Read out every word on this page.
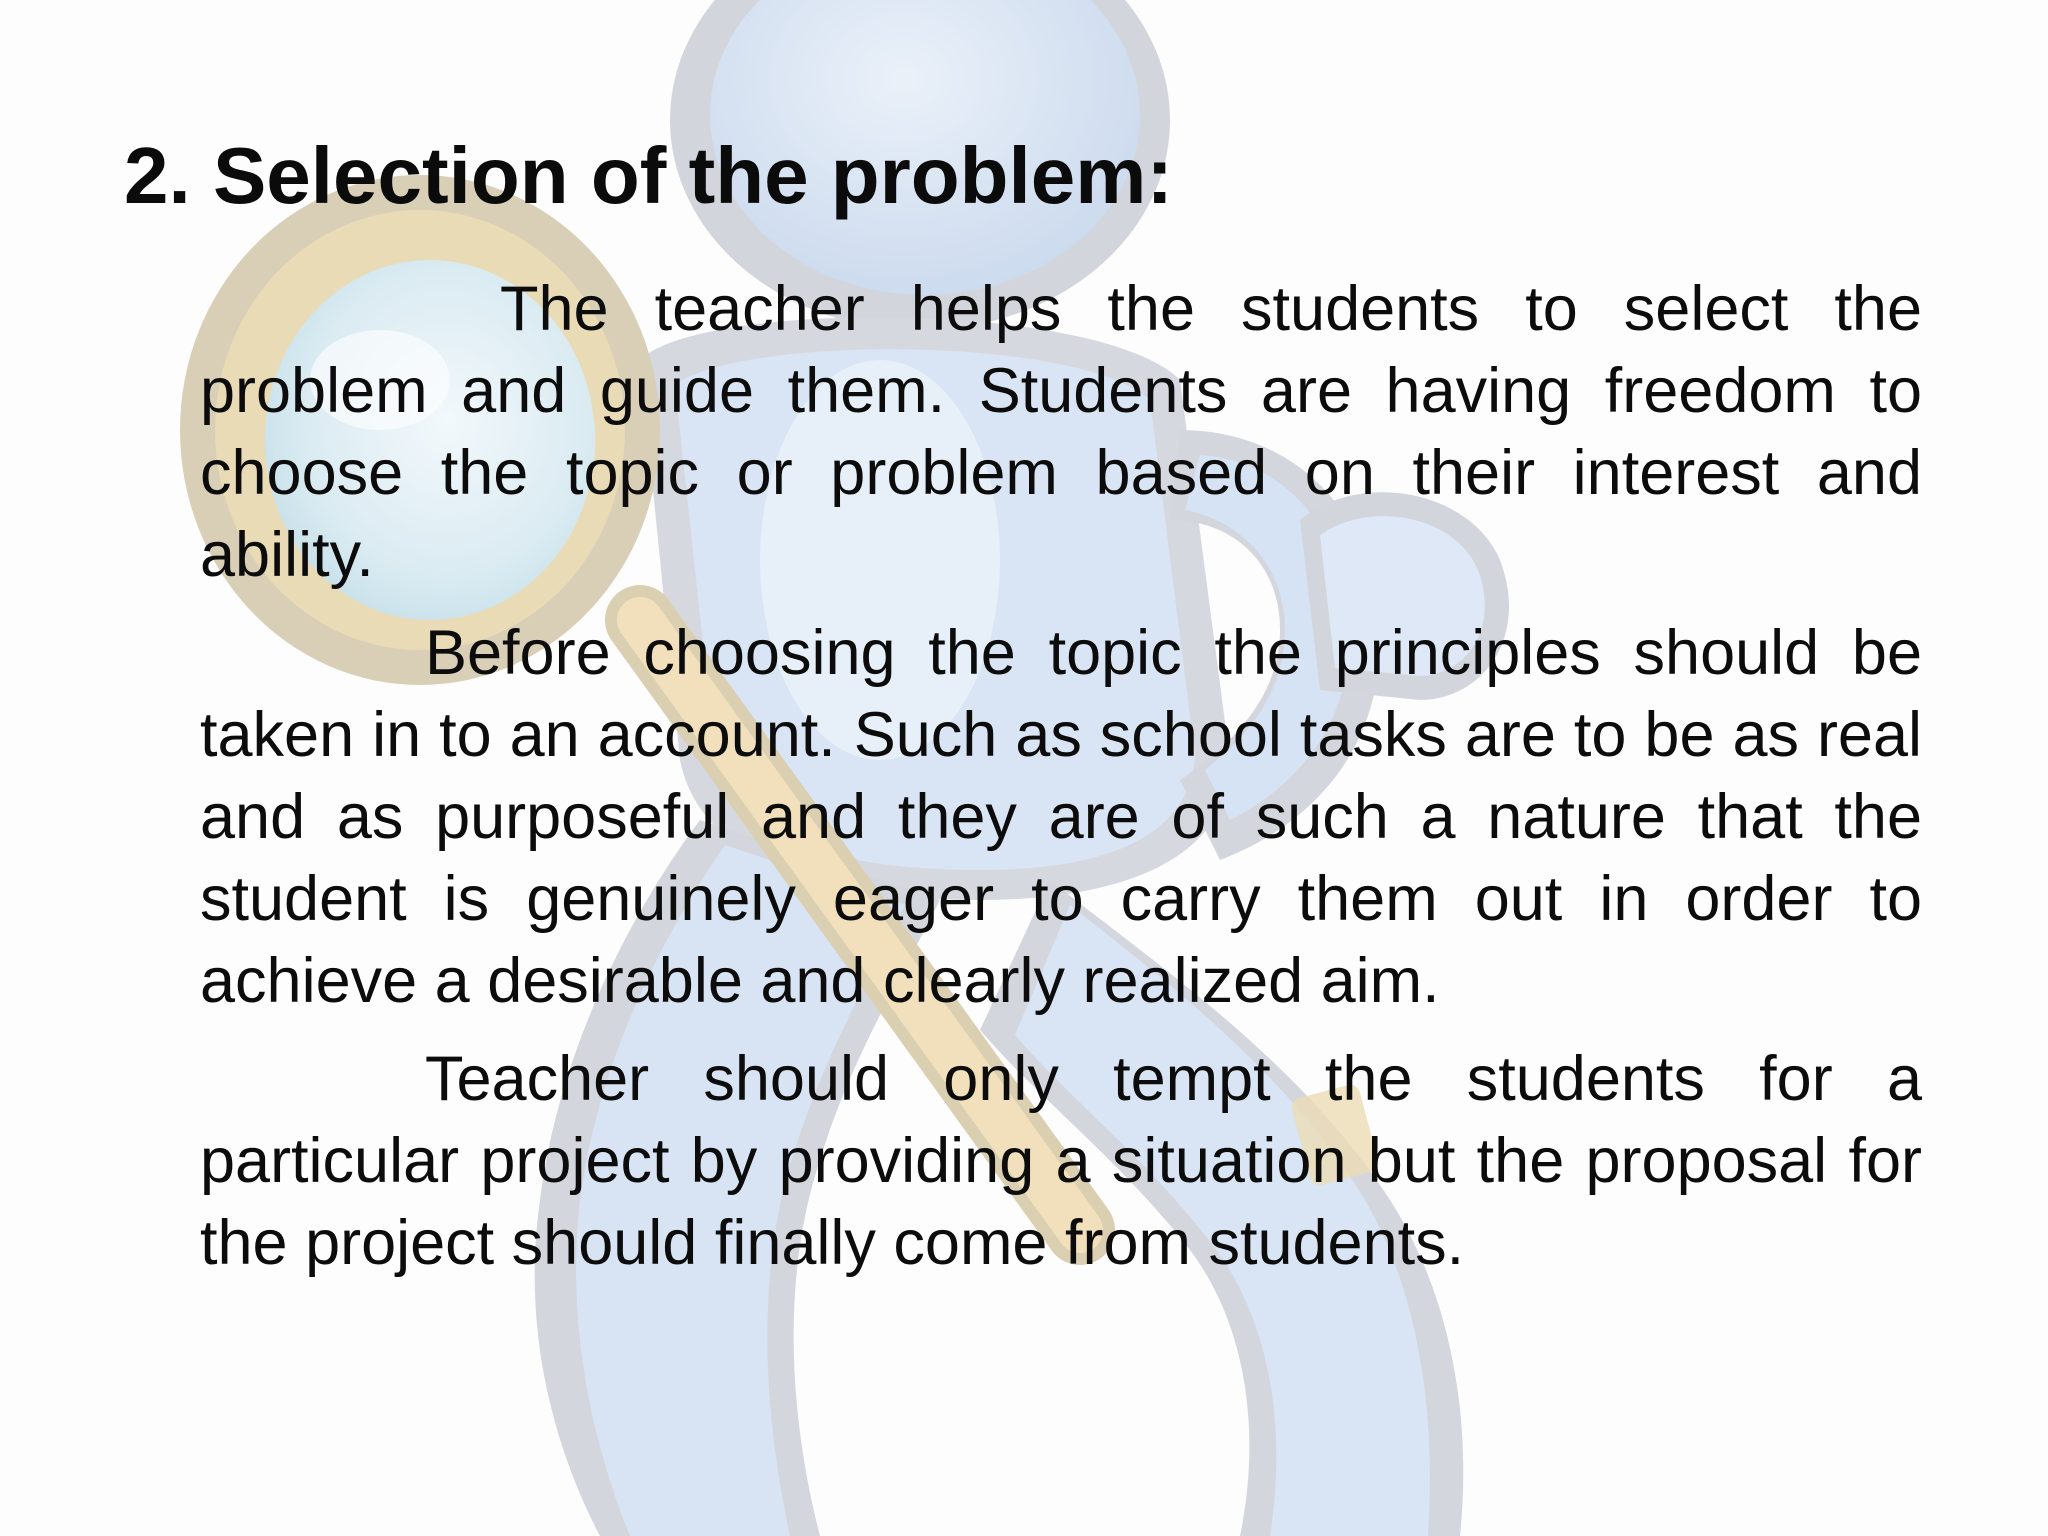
2. Selection of the problem:

The teacher helps the students to select the problem and guide them. Students are having freedom to choose the topic or problem based on their interest and ability.

Before choosing the topic the principles should be taken in to an account. Such as school tasks are to be as real and as purposeful and they are of such a nature that the student is genuinely eager to carry them out in order to achieve a desirable and clearly realized aim.

Teacher should only tempt the students for a particular project by providing a situation but the proposal for the project should finally come from students.
